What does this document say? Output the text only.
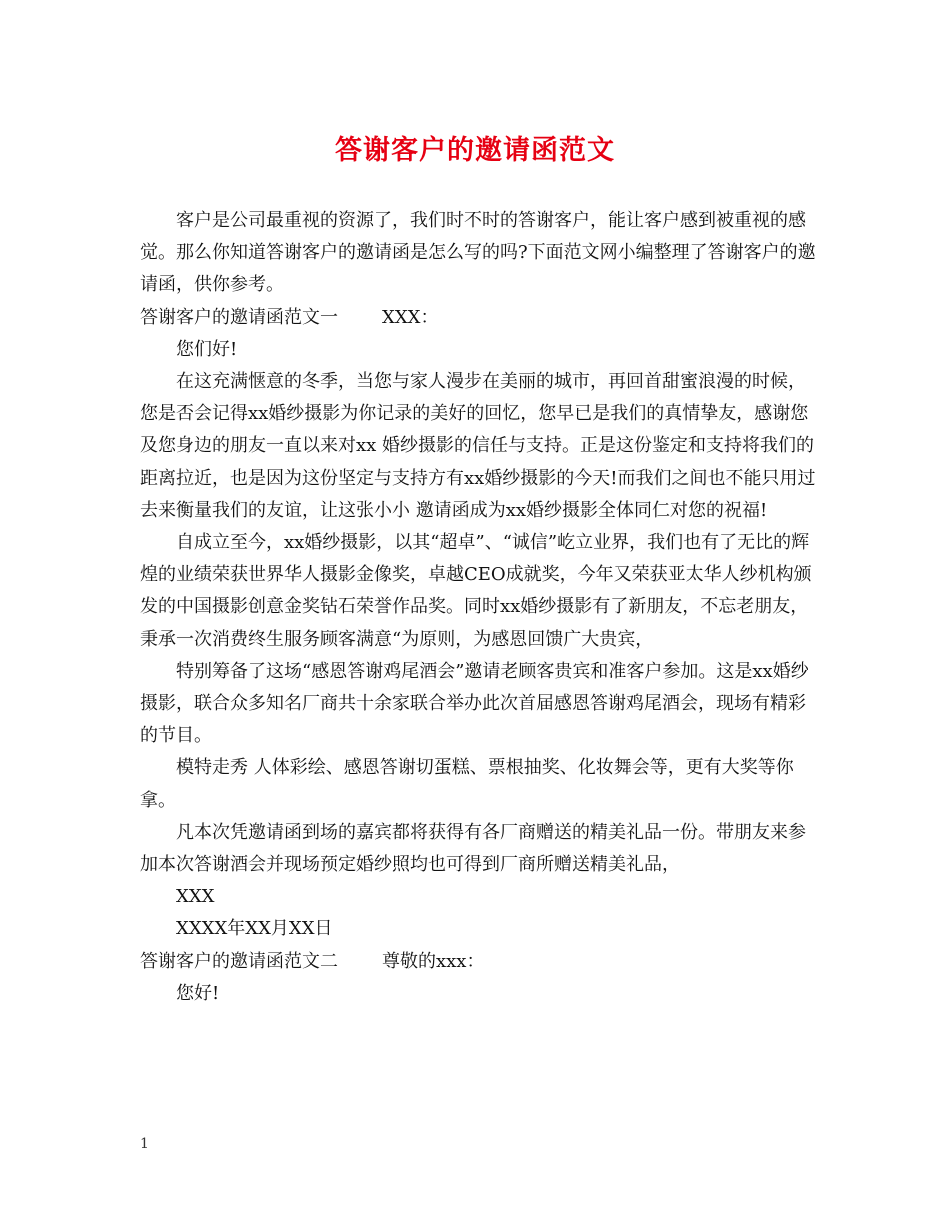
答谢客户的邀请函范文

客户是公司最重视的资源了，我们时不时的答谢客户，能让客户感到被重视的感觉。那么你知道答谢客户的邀请函是怎么写的吗?下面范文网小编整理了答谢客户的邀请函，供你参考。

答谢客户的邀请函范文一 XXX：

您们好!

在这充满惬意的冬季，当您与家人漫步在美丽的城市，再回首甜蜜浪漫的时候，您是否会记得xx婚纱摄影为你记录的美好的回忆，您早已是我们的真情挚友，感谢您及您身边的朋友一直以来对xx 婚纱摄影的信任与支持。正是这份鉴定和支持将我们的距离拉近，也是因为这份坚定与支持方有xx婚纱摄影的今天!而我们之间也不能只用过去来衡量我们的友谊，让这张小小 邀请函成为xx婚纱摄影全体同仁对您的祝福!

自成立至今，xx婚纱摄影，以其“超卓”、“诚信”屹立业界，我们也有了无比的辉煌的业绩荣获世界华人摄影金像奖，卓越CEO成就奖，今年又荣获亚太华人纱机构颁发的中国摄影创意金奖钻石荣誉作品奖。同时xx婚纱摄影有了新朋友，不忘老朋友，秉承一次消费终生服务顾客满意“为原则，为感恩回馈广大贵宾，

特别筹备了这场“感恩答谢鸡尾酒会”邀请老顾客贵宾和准客户参加。这是xx婚纱摄影，联合众多知名厂商共十余家联合举办此次首届感恩答谢鸡尾酒会，现场有精彩的节目。

模特走秀 人体彩绘、感恩答谢切蛋糕、票根抽奖、化妆舞会等，更有大奖等你拿。

凡本次凭邀请函到场的嘉宾都将获得有各厂商赠送的精美礼品一份。带朋友来参加本次答谢酒会并现场预定婚纱照均也可得到厂商所赠送精美礼品，

XXX

XXXX年XX月XX日

答谢客户的邀请函范文二 尊敬的xxx：

您好!

1
